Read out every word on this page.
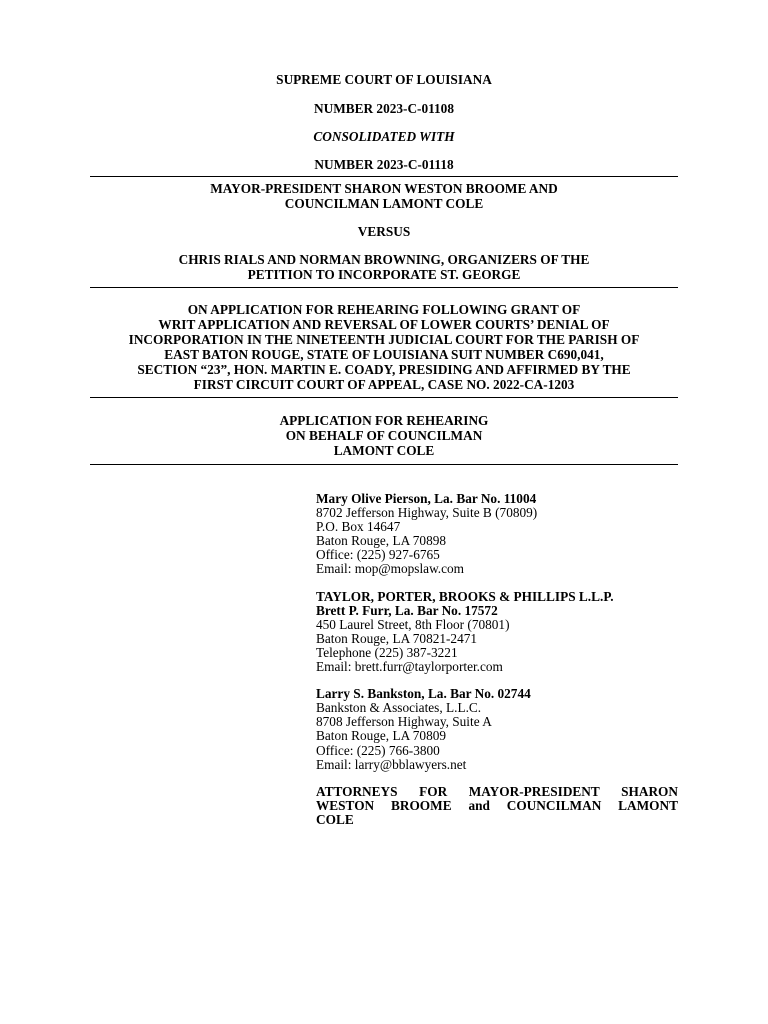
SUPREME COURT OF LOUISIANA
NUMBER 2023-C-01108
CONSOLIDATED WITH
NUMBER 2023-C-01118
MAYOR-PRESIDENT SHARON WESTON BROOME AND
COUNCILMAN LAMONT COLE
VERSUS
CHRIS RIALS AND NORMAN BROWNING, ORGANIZERS OF THE
PETITION TO INCORPORATE ST. GEORGE
ON APPLICATION FOR REHEARING FOLLOWING GRANT OF
WRIT APPLICATION AND REVERSAL OF LOWER COURTS’ DENIAL OF
INCORPORATION IN THE NINETEENTH JUDICIAL COURT FOR THE PARISH OF
EAST BATON ROUGE, STATE OF LOUISIANA SUIT NUMBER C690,041,
SECTION “23”, HON. MARTIN E. COADY, PRESIDING AND AFFIRMED BY THE
FIRST CIRCUIT COURT OF APPEAL, CASE NO. 2022-CA-1203
APPLICATION FOR REHEARING
ON BEHALF OF COUNCILMAN
LAMONT COLE
Mary Olive Pierson, La. Bar No. 11004
8702 Jefferson Highway, Suite B (70809)
P.O. Box 14647
Baton Rouge, LA 70898
Office: (225) 927-6765
Email: mop@mopslaw.com
TAYLOR, PORTER, BROOKS & PHILLIPS L.L.P.
Brett P. Furr, La. Bar No. 17572
450 Laurel Street, 8th Floor (70801)
Baton Rouge, LA 70821-2471
Telephone (225) 387-3221
Email: brett.furr@taylorporter.com
Larry S. Bankston, La. Bar No. 02744
Bankston & Associates, L.L.C.
8708 Jefferson Highway, Suite A
Baton Rouge, LA 70809
Office: (225) 766-3800
Email: larry@bblawyers.net
ATTORNEYS FOR MAYOR-PRESIDENT SHARON
WESTON BROOME and COUNCILMAN LAMONT
COLE
